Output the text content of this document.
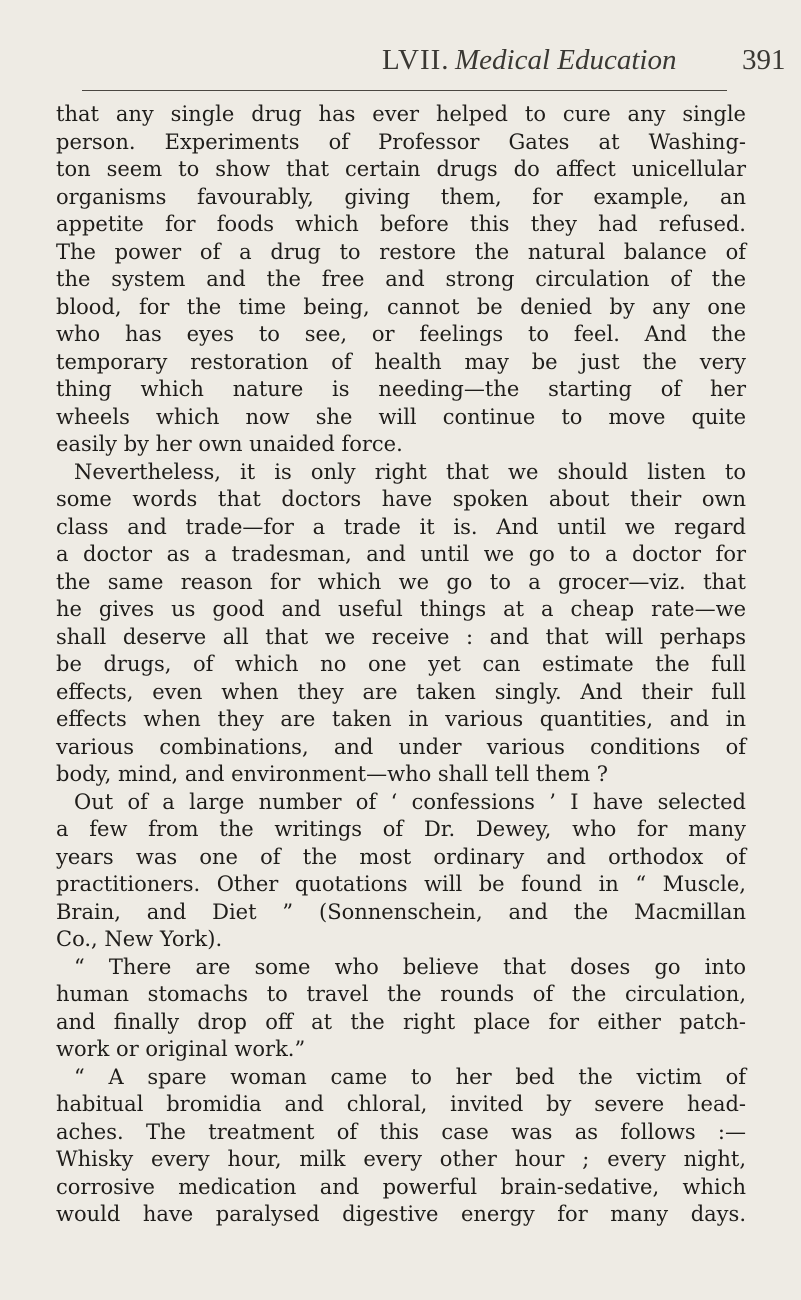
LVII. Medical Education 391
that any single drug has ever helped to cure any single
person. Experiments of Professor Gates at Washing-
ton seem to show that certain drugs do affect unicellular
organisms favourably, giving them, for example, an
appetite for foods which before this they had refused.
The power of a drug to restore the natural balance of
the system and the free and strong circulation of the
blood, for the time being, cannot be denied by any one
who has eyes to see, or feelings to feel. And the
temporary restoration of health may be just the very
thing which nature is needing—the starting of her
wheels which now she will continue to move quite
easily by her own unaided force.
Nevertheless, it is only right that we should listen to
some words that doctors have spoken about their own
class and trade—for a trade it is. And until we regard
a doctor as a tradesman, and until we go to a doctor for
the same reason for which we go to a grocer—viz. that
he gives us good and useful things at a cheap rate—we
shall deserve all that we receive : and that will perhaps
be drugs, of which no one yet can estimate the full
effects, even when they are taken singly. And their full
effects when they are taken in various quantities, and in
various combinations, and under various conditions of
body, mind, and environment—who shall tell them ?
Out of a large number of ‘ confessions ’ I have selected
a few from the writings of Dr. Dewey, who for many
years was one of the most ordinary and orthodox of
practitioners. Other quotations will be found in “ Muscle,
Brain, and Diet ” (Sonnenschein, and the Macmillan
Co., New York).
“ There are some who believe that doses go into
human stomachs to travel the rounds of the circulation,
and finally drop off at the right place for either patch-
work or original work.”
“ A spare woman came to her bed the victim of
habitual bromidia and chloral, invited by severe head-
aches. The treatment of this case was as follows :—
Whisky every hour, milk every other hour ; every night,
corrosive medication and powerful brain-sedative, which
would have paralysed digestive energy for many days.
